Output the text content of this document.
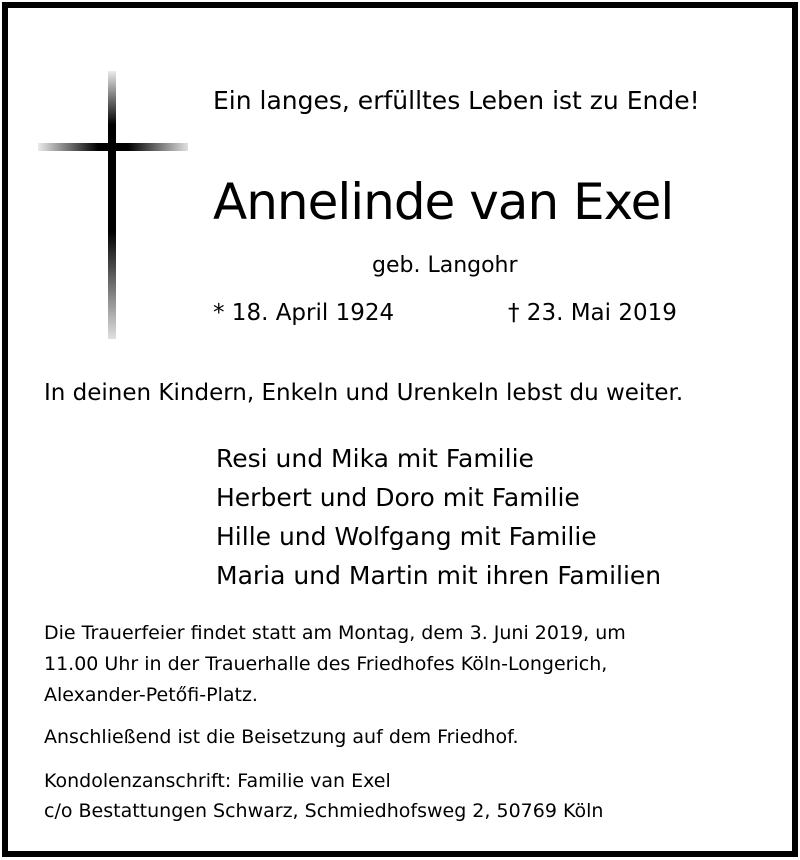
Ein langes, erfülltes Leben ist zu Ende!
Annelinde van Exel
geb. Langohr
* 18. April 1924	† 23. Mai 2019
In deinen Kindern, Enkeln und Urenkeln lebst du weiter.
Resi und Mika mit Familie
Herbert und Doro mit Familie
Hille und Wolfgang mit Familie
Maria und Martin mit ihren Familien
Die Trauerfeier findet statt am Montag, dem 3. Juni 2019, um
11.00 Uhr in der Trauerhalle des Friedhofes Köln-Longerich,
Alexander-Petőfi-Platz.
Anschließend ist die Beisetzung auf dem Friedhof.
Kondolenzanschrift: Familie van Exel
c/o Bestattungen Schwarz, Schmiedhofsweg 2, 50769 Köln
